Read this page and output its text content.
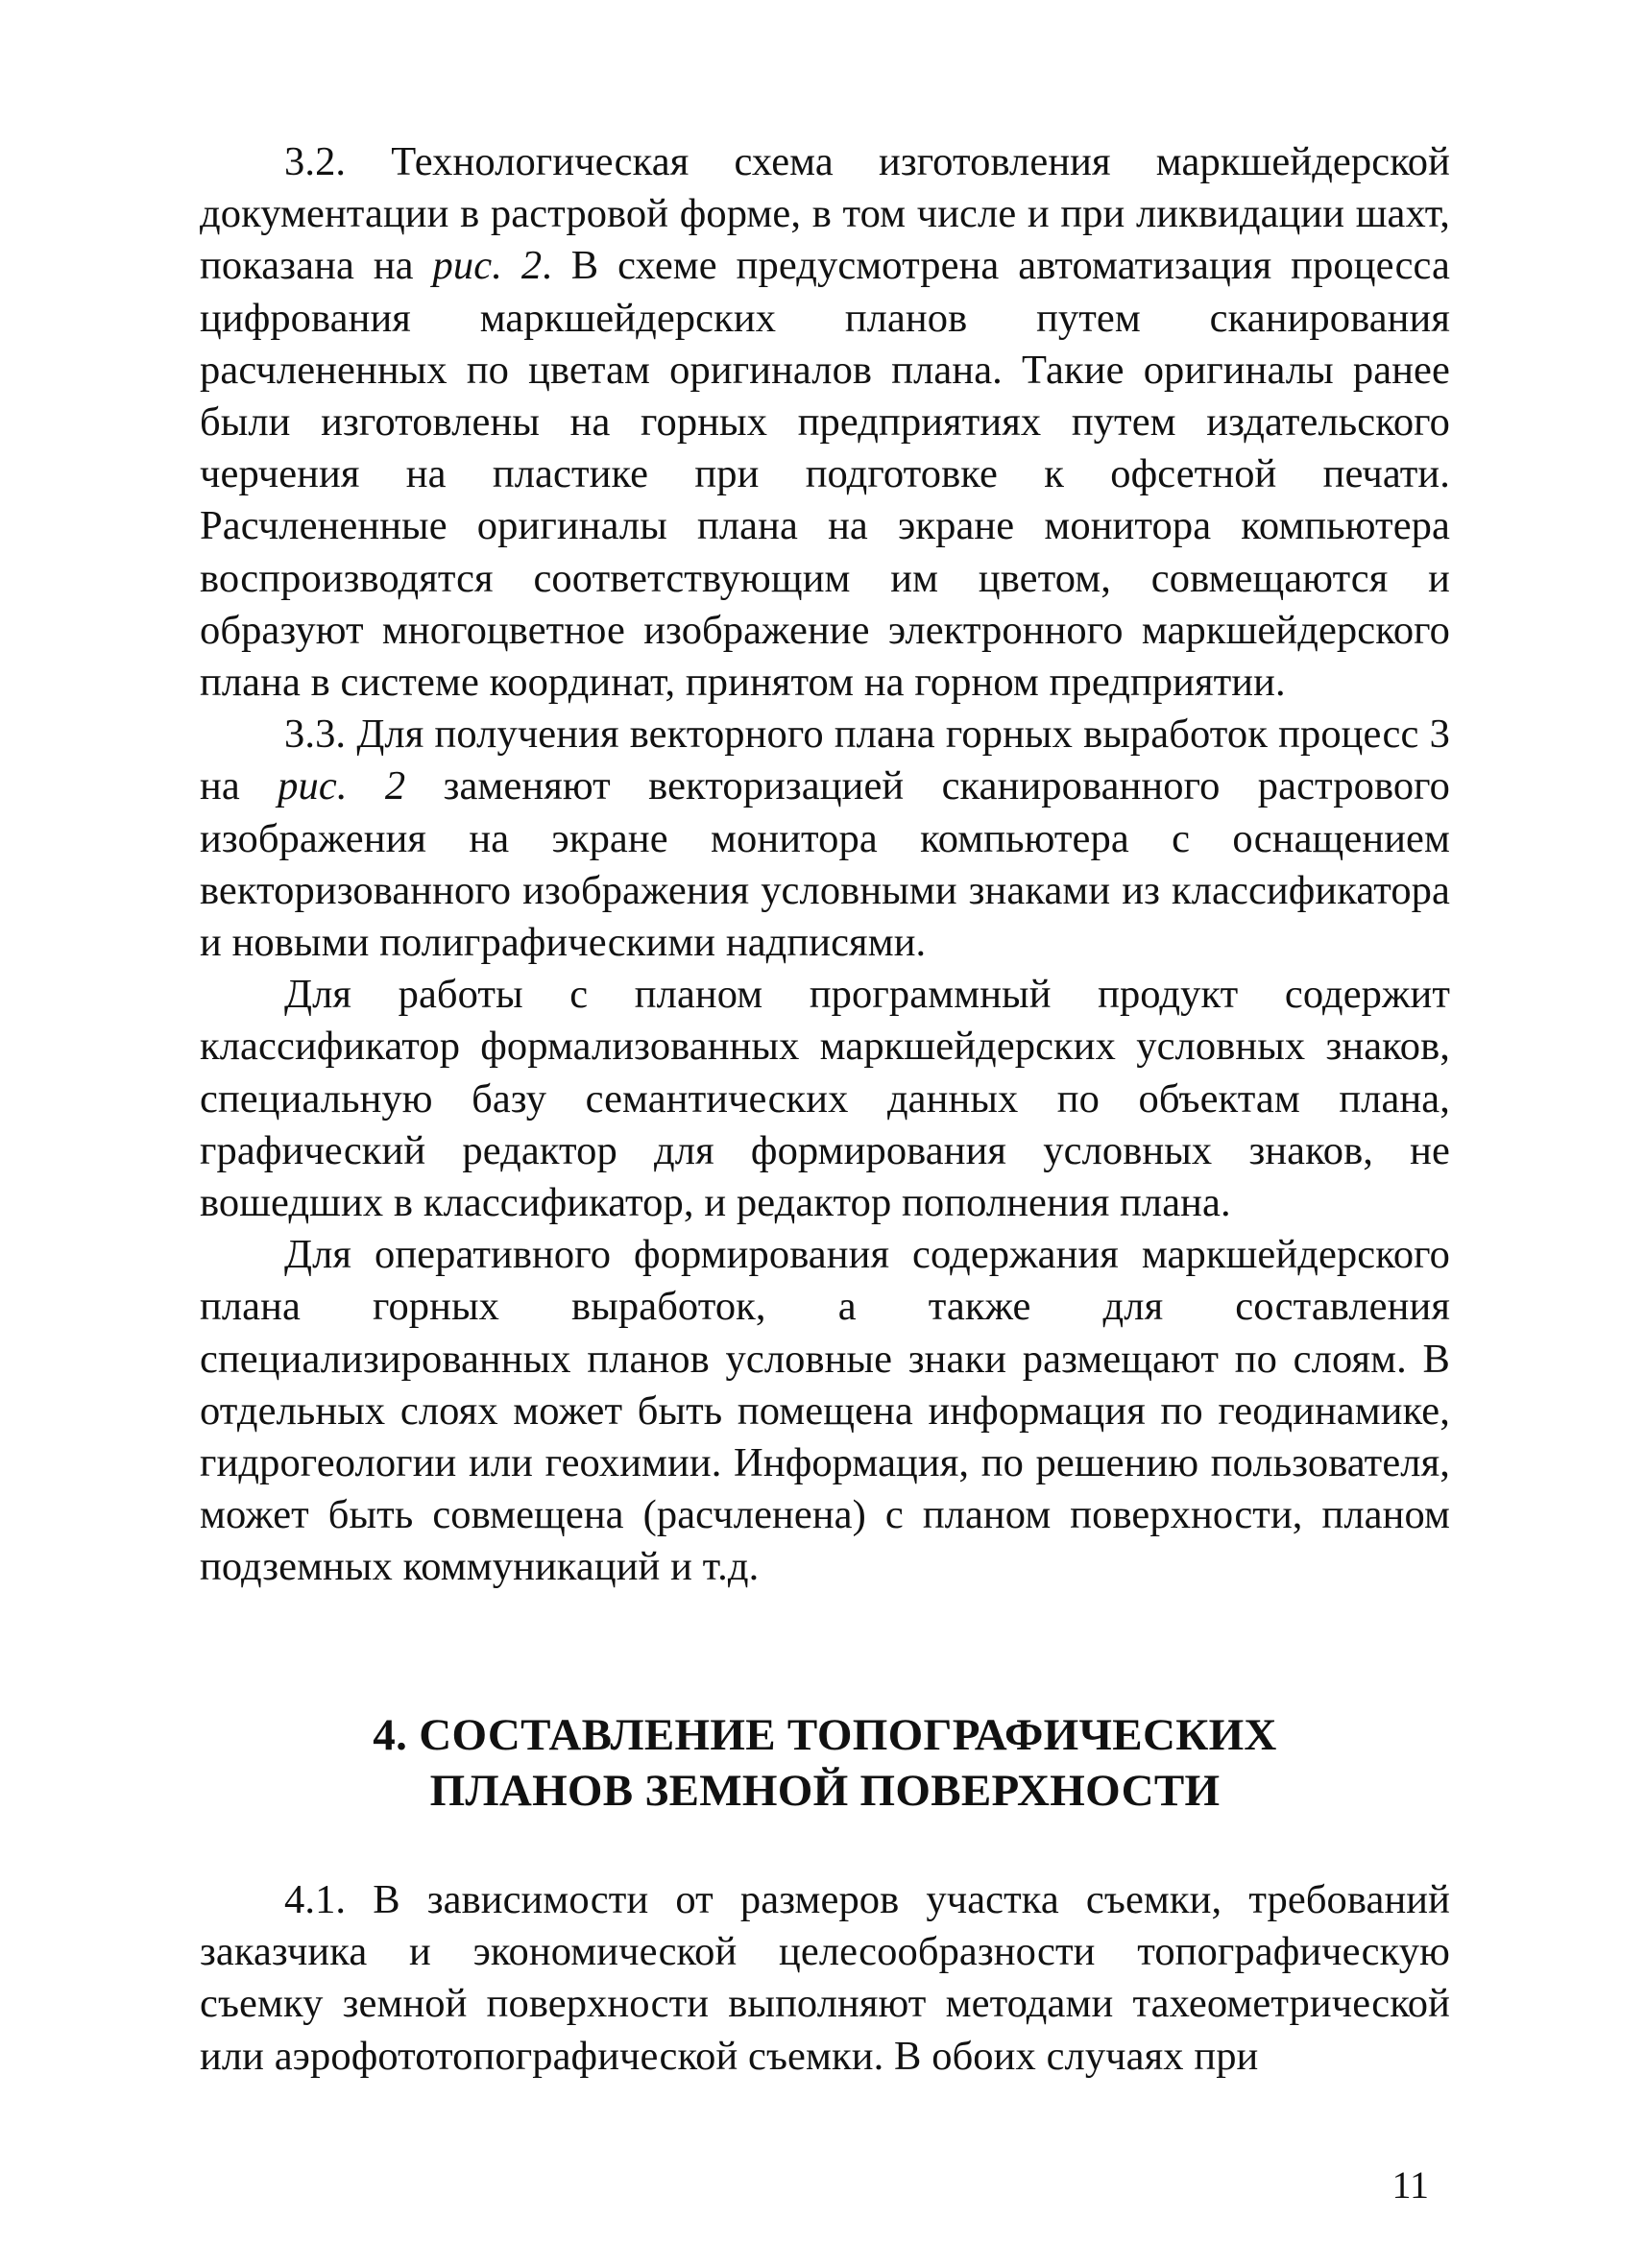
3.2. Технологическая схема изготовления маркшейдерской документации в растровой форме, в том числе и при ликвидации шахт, показана на рис. 2. В схеме предусмотрена автоматизация процесса цифрования маркшейдерских планов путем сканирования расчлененных по цветам оригиналов плана. Такие оригиналы ранее были изготовлены на горных предприятиях путем издательского черчения на пластике при подготовке к офсетной печати. Расчлененные оригиналы плана на экране монитора компьютера воспроизводятся соответствующим им цветом, совмещаются и образуют многоцветное изображение электронного маркшейдерского плана в системе координат, принятом на горном предприятии.

3.3. Для получения векторного плана горных выработок процесс 3 на рис. 2 заменяют векторизацией сканированного растрового изображения на экране монитора компьютера с оснащением векторизованного изображения условными знаками из классификатора и новыми полиграфическими надписями.

Для работы с планом программный продукт содержит классификатор формализованных маркшейдерских условных знаков, специальную базу семантических данных по объектам плана, графический редактор для формирования условных знаков, не вошедших в классификатор, и редактор пополнения плана.

Для оперативного формирования содержания маркшейдерского плана горных выработок, а также для составления специализированных планов условные знаки размещают по слоям. В отдельных слоях может быть помещена информация по геодинамике, гидрогеологии или геохимии. Информация, по решению пользователя, может быть совмещена (расчленена) с планом поверхности, планом подземных коммуникаций и т.д.

4. СОСТАВЛЕНИЕ ТОПОГРАФИЧЕСКИХ
ПЛАНОВ ЗЕМНОЙ ПОВЕРХНОСТИ

4.1. В зависимости от размеров участка съемки, требований заказчика и экономической целесообразности топографическую съемку земной поверхности выполняют методами тахеометрической или аэрофототопографической съемки. В обоих случаях при

11
